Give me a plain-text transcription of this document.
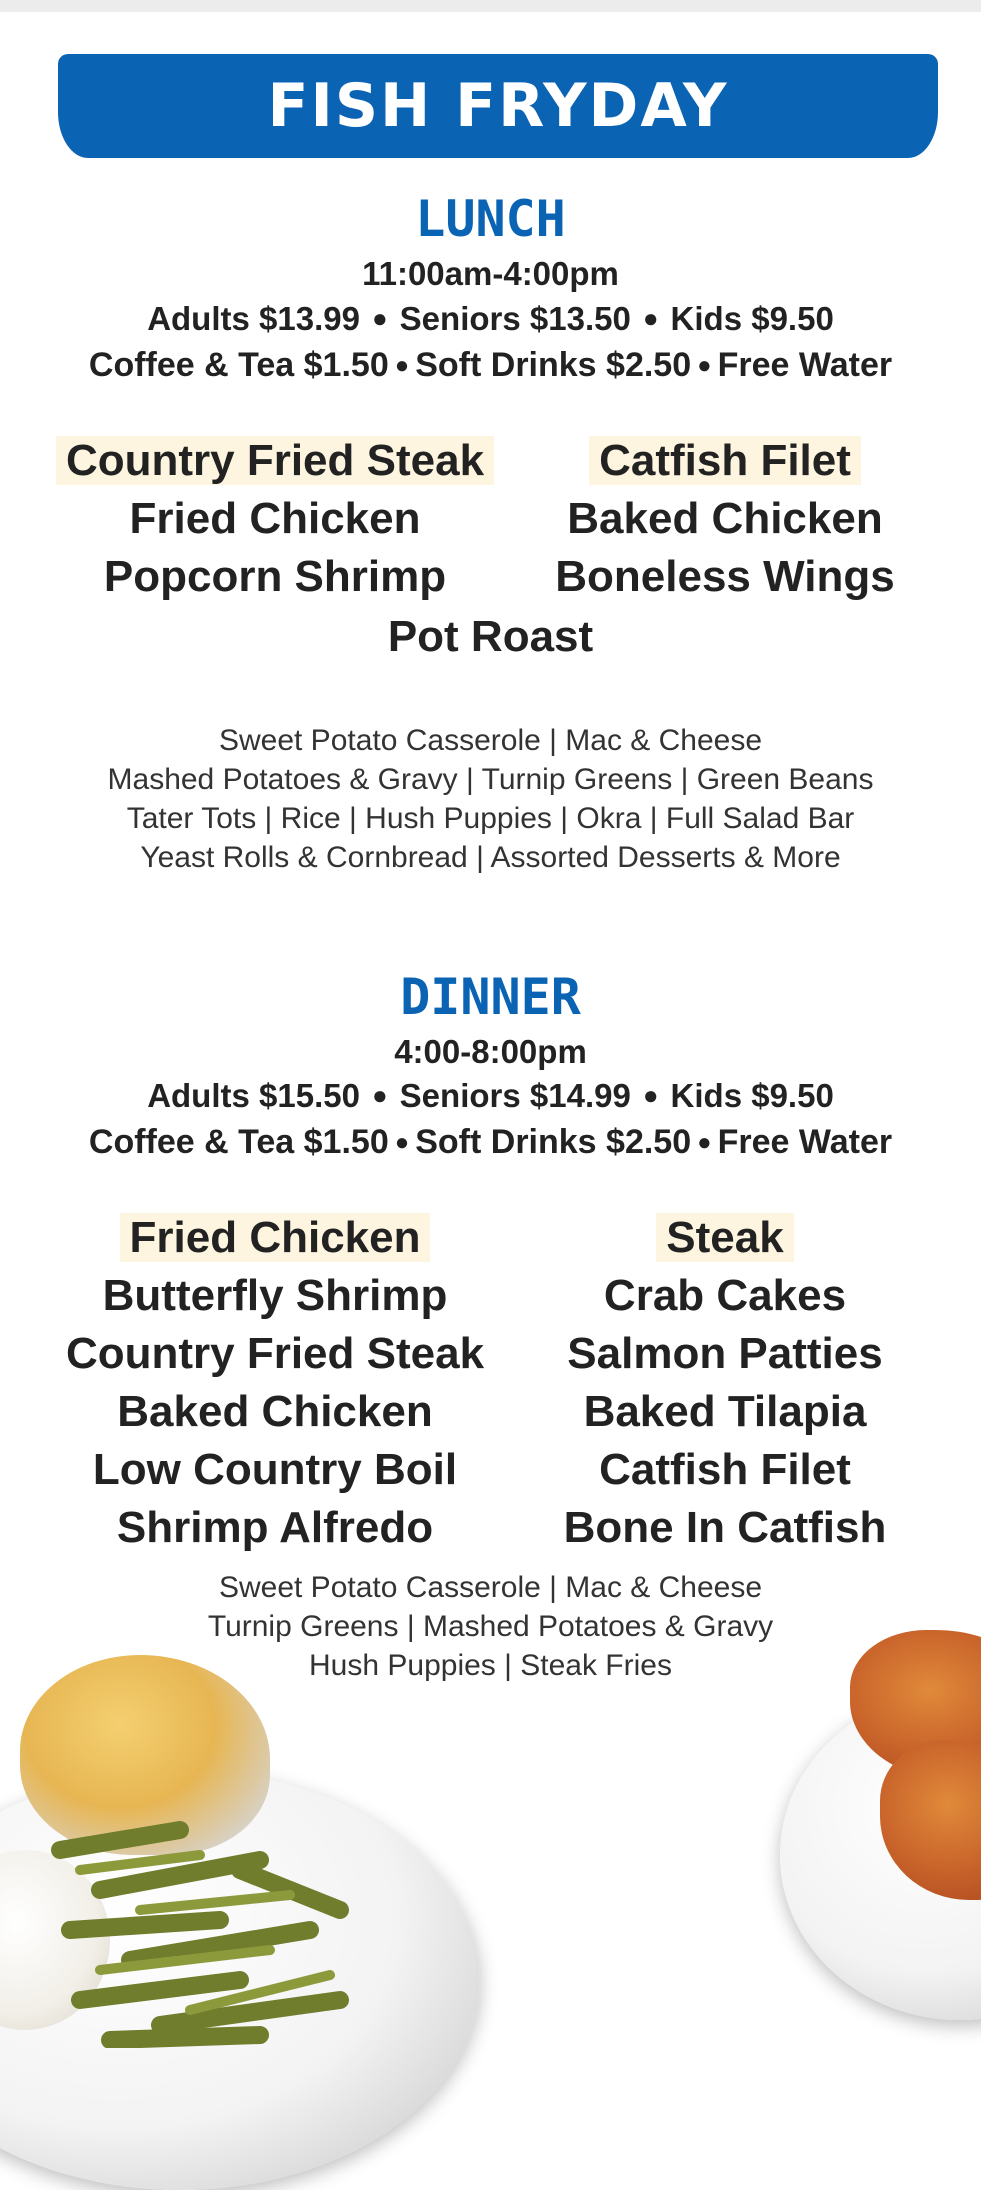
FISH FRYDAY
LUNCH
11:00am-4:00pm
Adults $13.99 ● Seniors $13.50 ● Kids $9.50
Coffee & Tea $1.50 ● Soft Drinks $2.50 ● Free Water
Country Fried Steak
Fried Chicken
Popcorn Shrimp
Catfish Filet
Baked Chicken
Boneless Wings
Pot Roast
Sweet Potato Casserole | Mac & Cheese
Mashed Potatoes & Gravy | Turnip Greens | Green Beans
Tater Tots | Rice | Hush Puppies | Okra | Full Salad Bar
Yeast Rolls & Cornbread | Assorted Desserts & More
DINNER
4:00-8:00pm
Adults $15.50 ● Seniors $14.99 ● Kids $9.50
Coffee & Tea $1.50 ● Soft Drinks $2.50 ● Free Water
Fried Chicken
Butterfly Shrimp
Country Fried Steak
Baked Chicken
Low Country Boil
Shrimp Alfredo
Steak
Crab Cakes
Salmon Patties
Baked Tilapia
Catfish Filet
Bone In Catfish
Sweet Potato Casserole | Mac & Cheese
Turnip Greens | Mashed Potatoes & Gravy
Hush Puppies | Steak Fries
